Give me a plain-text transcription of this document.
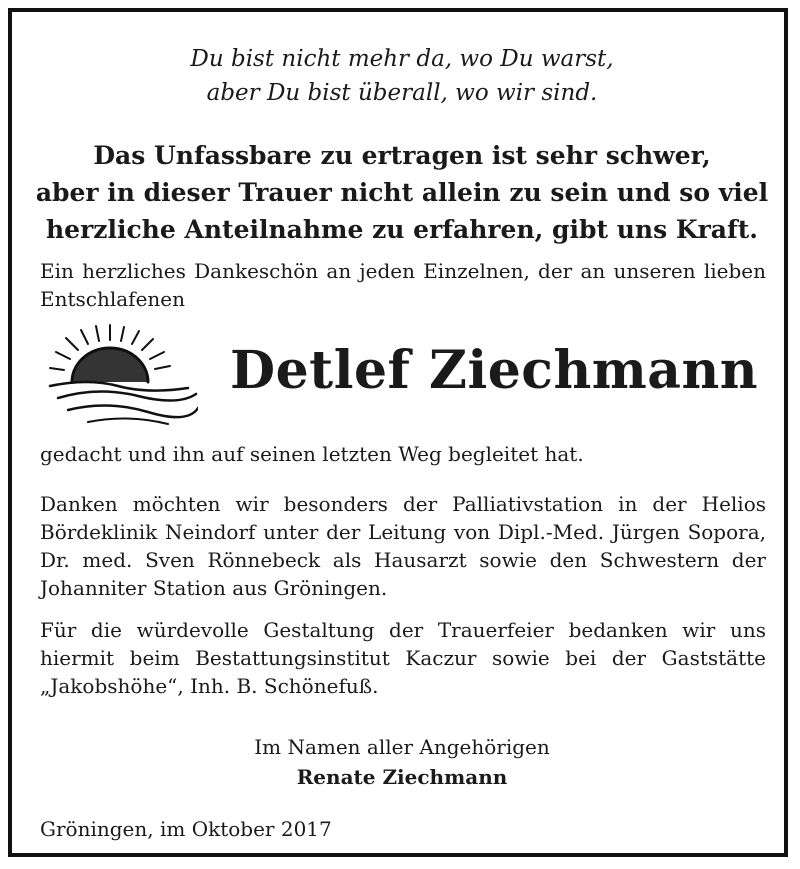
Du bist nicht mehr da, wo Du warst,
aber Du bist überall, wo wir sind.
Das Unfassbare zu ertragen ist sehr schwer,
aber in dieser Trauer nicht allein zu sein und so viel
herzliche Anteilnahme zu erfahren, gibt uns Kraft.
Ein herzliches Dankeschön an jeden Einzelnen, der an unseren lieben Entschlafenen
Detlef Ziechmann
gedacht und ihn auf seinen letzten Weg begleitet hat.
Danken möchten wir besonders der Palliativstation in der Helios Bördeklinik Neindorf unter der Leitung von Dipl.-Med. Jürgen Sopora, Dr. med. Sven Rönnebeck als Hausarzt sowie den Schwestern der Johanniter Station aus Gröningen.
Für die würdevolle Gestaltung der Trauerfeier bedanken wir uns hiermit beim Bestattungsinstitut Kaczur sowie bei der Gaststätte „Jakobshöhe“, Inh. B. Schönefuß.
Im Namen aller Angehörigen
Renate Ziechmann
Gröningen, im Oktober 2017
